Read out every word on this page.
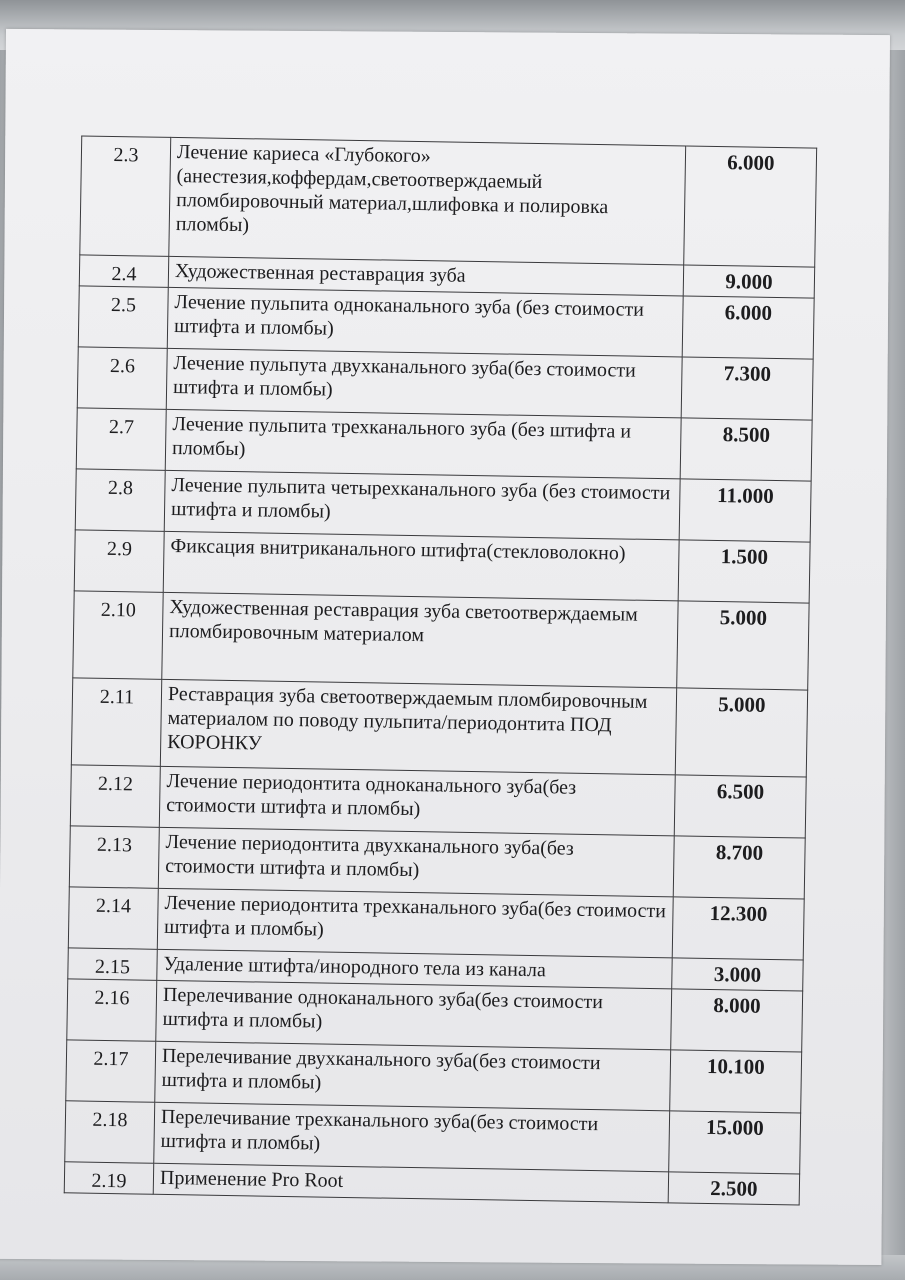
2.3	Лечение кариеса «Глубокого» (анестезия,коффердам,светоотверждаемый пломбировочный материал,шлифовка и полировка пломбы)	6.000
2.4	Художественная реставрация зуба	9.000
2.5	Лечение пульпита одноканального зуба (без стоимости штифта и пломбы)	6.000
2.6	Лечение пульпута двухканального зуба(без стоимости штифта и пломбы)	7.300
2.7	Лечение пульпита трехканального зуба (без штифта и пломбы)	8.500
2.8	Лечение пульпита четырехканального зуба (без стоимости штифта и пломбы)	11.000
2.9	Фиксация внитриканального штифта(стекловолокно)	1.500
2.10	Художественная реставрация зуба светоотверждаемым пломбировочным материалом	5.000
2.11	Реставрация зуба светоотверждаемым пломбировочным материалом по поводу пульпита/периодонтита ПОД КОРОНКУ	5.000
2.12	Лечение периодонтита одноканального зуба(без стоимости штифта и пломбы)	6.500
2.13	Лечение периодонтита двухканального зуба(без стоимости штифта и пломбы)	8.700
2.14	Лечение периодонтита трехканального зуба(без стоимости штифта и пломбы)	12.300
2.15	Удаление штифта/инородного тела из канала	3.000
2.16	Перелечивание одноканального зуба(без стоимости штифта и пломбы)	8.000
2.17	Перелечивание двухканального зуба(без стоимости штифта и пломбы)	10.100
2.18	Перелечивание трехканального зуба(без стоимости штифта и пломбы)	15.000
2.19	Применение Pro Root	2.500
